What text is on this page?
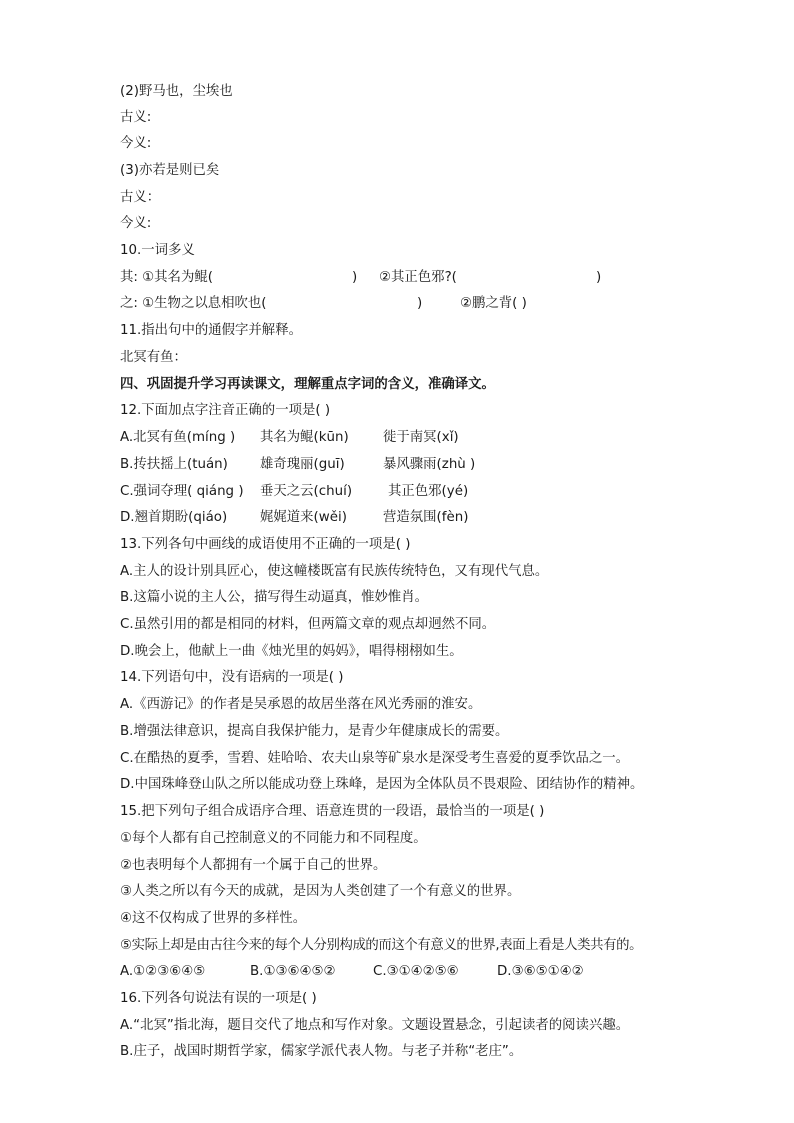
(2)野马也，尘埃也
古义:
今义:
(3)亦若是则已矣
古义：
今义:
10.一词多义
其: ①其名为鲲(	) ②其正色邪?(	)
之: ①生物之以息相吹也(	)	②鹏之背( )
11.指出句中的通假字并解释。
北冥有鱼：
四、巩固提升学习再读课文，理解重点字词的含义，准确译文。
12.下面加点字注音正确的一项是( )
A.北冥有鱼(míng ) 其名为鲲(kūn)	徙于南冥(xǐ)
B.抟扶摇上(tuán) 雄奇瑰丽(guī)	暴风骤雨(zhù )
C.强词夺理( qiáng ) 垂天之云(chuí)	其正色邪(yé)
D.翘首期盼(qiáo) 娓娓道来(wěi)	营造氛围(fèn)
13.下列各句中画线的成语使用不正确的一项是( )
A.主人的设计别具匠心，使这幢楼既富有民族传统特色，又有现代气息。
B.这篇小说的主人公，描写得生动逼真，惟妙惟肖。
C.虽然引用的都是相同的材料，但两篇文章的观点却迥然不同。
D.晚会上，他献上一曲《烛光里的妈妈》，唱得栩栩如生。
14.下列语句中，没有语病的一项是( )
A.《西游记》的作者是吴承恩的故居坐落在风光秀丽的淮安。
B.增强法律意识，提高自我保护能力，是青少年健康成长的需要。
C.在酷热的夏季，雪碧、娃哈哈、农夫山泉等矿泉水是深受考生喜爱的夏季饮品之一。
D.中国珠峰登山队之所以能成功登上珠峰，是因为全体队员不畏艰险、团结协作的精神。
15.把下列句子组合成语序合理、语意连贯的一段语，最恰当的一项是( )
①每个人都有自己控制意义的不同能力和不同程度。
②也表明每个人都拥有一个属于自己的世界。
③人类之所以有今天的成就，是因为人类创建了一个有意义的世界。
④这不仅构成了世界的多样性。
⑤实际上却是由古往今来的每个人分别构成的而这个有意义的世界,表面上看是人类共有的。
A.①②③⑥④⑤	B.①③⑥④⑤②	C.③①④②⑤⑥	D.③⑥⑤①④②
16.下列各句说法有误的一项是( )
A.“北冥”指北海，题目交代了地点和写作对象。文题设置悬念，引起读者的阅读兴趣。
B.庄子，战国时期哲学家，儒家学派代表人物。与老子并称“老庄”。
